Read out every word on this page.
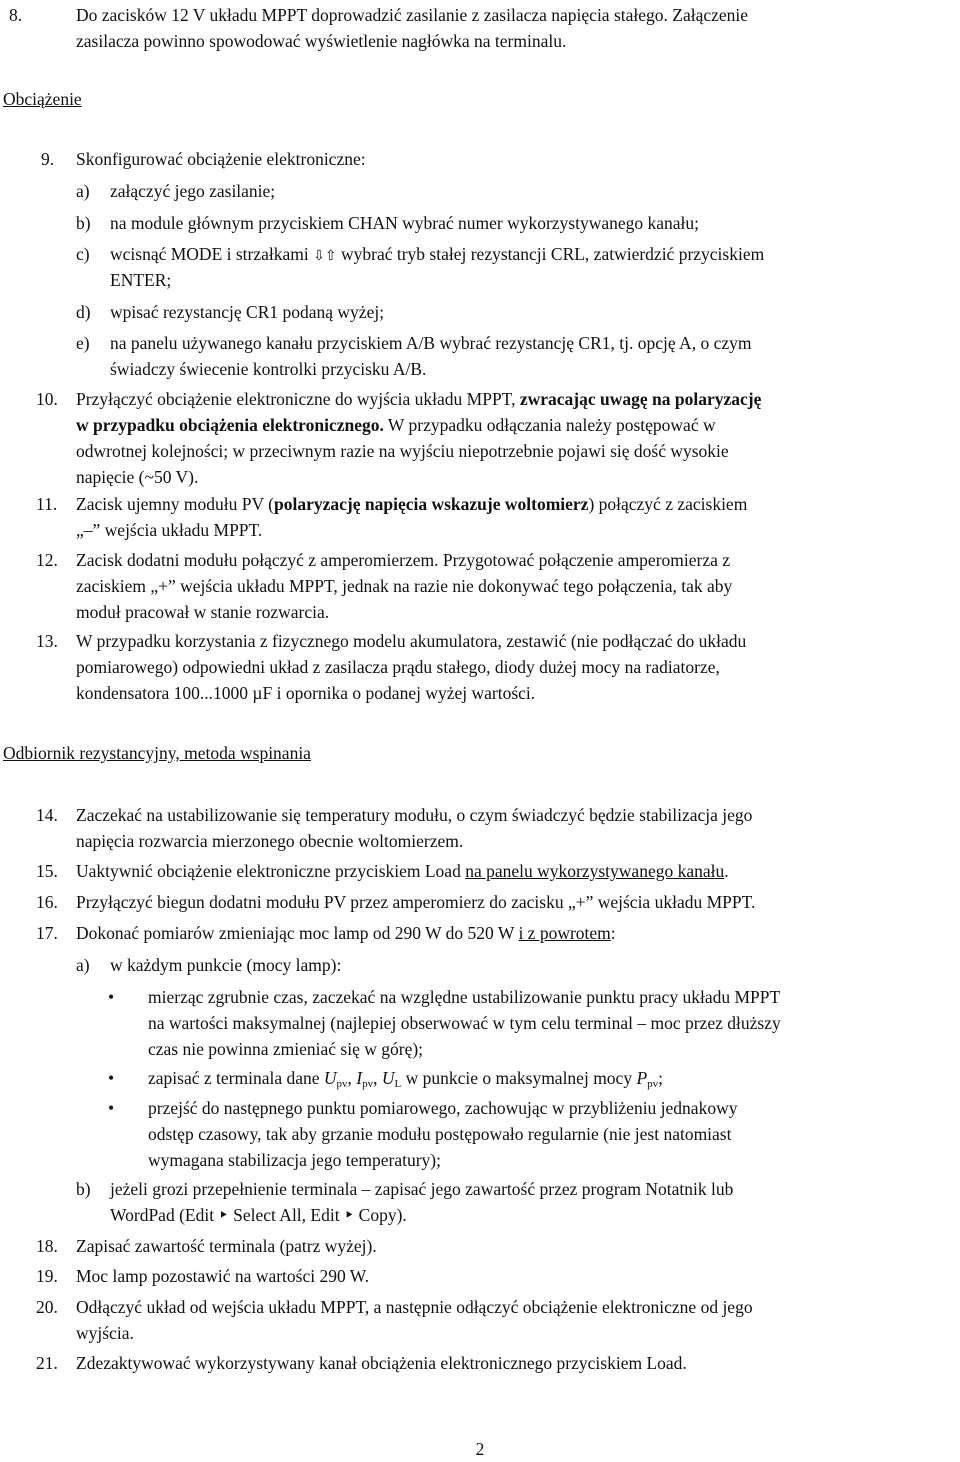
8.	Do zacisków 12 V układu MPPT doprowadzić zasilanie z zasilacza napięcia stałego. Załączenie
zasilacza powinno spowodować wyświetlenie nagłówka na terminalu.
Obciążenie
9.	Skonfigurować obciążenie elektroniczne:
a)	załączyć jego zasilanie;
b)	na module głównym przyciskiem CHAN wybrać numer wykorzystywanego kanału;
c)	wcisnąć MODE i strzałkami ⇩⇧ wybrać tryb stałej rezystancji CRL, zatwierdzić przyciskiem
ENTER;
d)	wpisać rezystancję CR1 podaną wyżej;
e)	na panelu używanego kanału przyciskiem A/B wybrać rezystancję CR1, tj. opcję A, o czym
świadczy świecenie kontrolki przycisku A/B.
10.	Przyłączyć obciążenie elektroniczne do wyjścia układu MPPT, zwracając uwagę na polaryzację
w przypadku obciążenia elektronicznego. W przypadku odłączania należy postępować w
odwrotnej kolejności; w przeciwnym razie na wyjściu niepotrzebnie pojawi się dość wysokie
napięcie (~50 V).
11.	Zacisk ujemny modułu PV (polaryzację napięcia wskazuje woltomierz) połączyć z zaciskiem
„–” wejścia układu MPPT.
12.	Zacisk dodatni modułu połączyć z amperomierzem. Przygotować połączenie amperomierza z
zaciskiem „+” wejścia układu MPPT, jednak na razie nie dokonywać tego połączenia, tak aby
moduł pracował w stanie rozwarcia.
13.	W przypadku korzystania z fizycznego modelu akumulatora, zestawić (nie podłączać do układu
pomiarowego) odpowiedni układ z zasilacza prądu stałego, diody dużej mocy na radiatorze,
kondensatora 100...1000 µF i opornika o podanej wyżej wartości.
Odbiornik rezystancyjny, metoda wspinania
14.	Zaczekać na ustabilizowanie się temperatury modułu, o czym świadczyć będzie stabilizacja jego
napięcia rozwarcia mierzonego obecnie woltomierzem.
15.	Uaktywnić obciążenie elektroniczne przyciskiem Load na panelu wykorzystywanego kanału.
16.	Przyłączyć biegun dodatni modułu PV przez amperomierz do zacisku „+” wejścia układu MPPT.
17.	Dokonać pomiarów zmieniając moc lamp od 290 W do 520 W i z powrotem:
a)	w każdym punkcie (mocy lamp):
•	mierząc zgrubnie czas, zaczekać na względne ustabilizowanie punktu pracy układu MPPT
na wartości maksymalnej (najlepiej obserwować w tym celu terminal – moc przez dłuższy
czas nie powinna zmieniać się w górę);
•	zapisać z terminala dane $U_{pv}$, $I_{pv}$, $U_L$ w punkcie o maksymalnej mocy $P_{pv}$;
•	przejść do następnego punktu pomiarowego, zachowując w przybliżeniu jednakowy
odstęp czasowy, tak aby grzanie modułu postępowało regularnie (nie jest natomiast
wymagana stabilizacja jego temperatury);
b)	jeżeli grozi przepełnienie terminala – zapisać jego zawartość przez program Notatnik lub
WordPad (Edit ‣ Select All, Edit ‣ Copy).
18.	Zapisać zawartość terminala (patrz wyżej).
19.	Moc lamp pozostawić na wartości 290 W.
20.	Odłączyć układ od wejścia układu MPPT, a następnie odłączyć obciążenie elektroniczne od jego
wyjścia.
21.	Zdezaktywować wykorzystywany kanał obciążenia elektronicznego przyciskiem Load.
2
